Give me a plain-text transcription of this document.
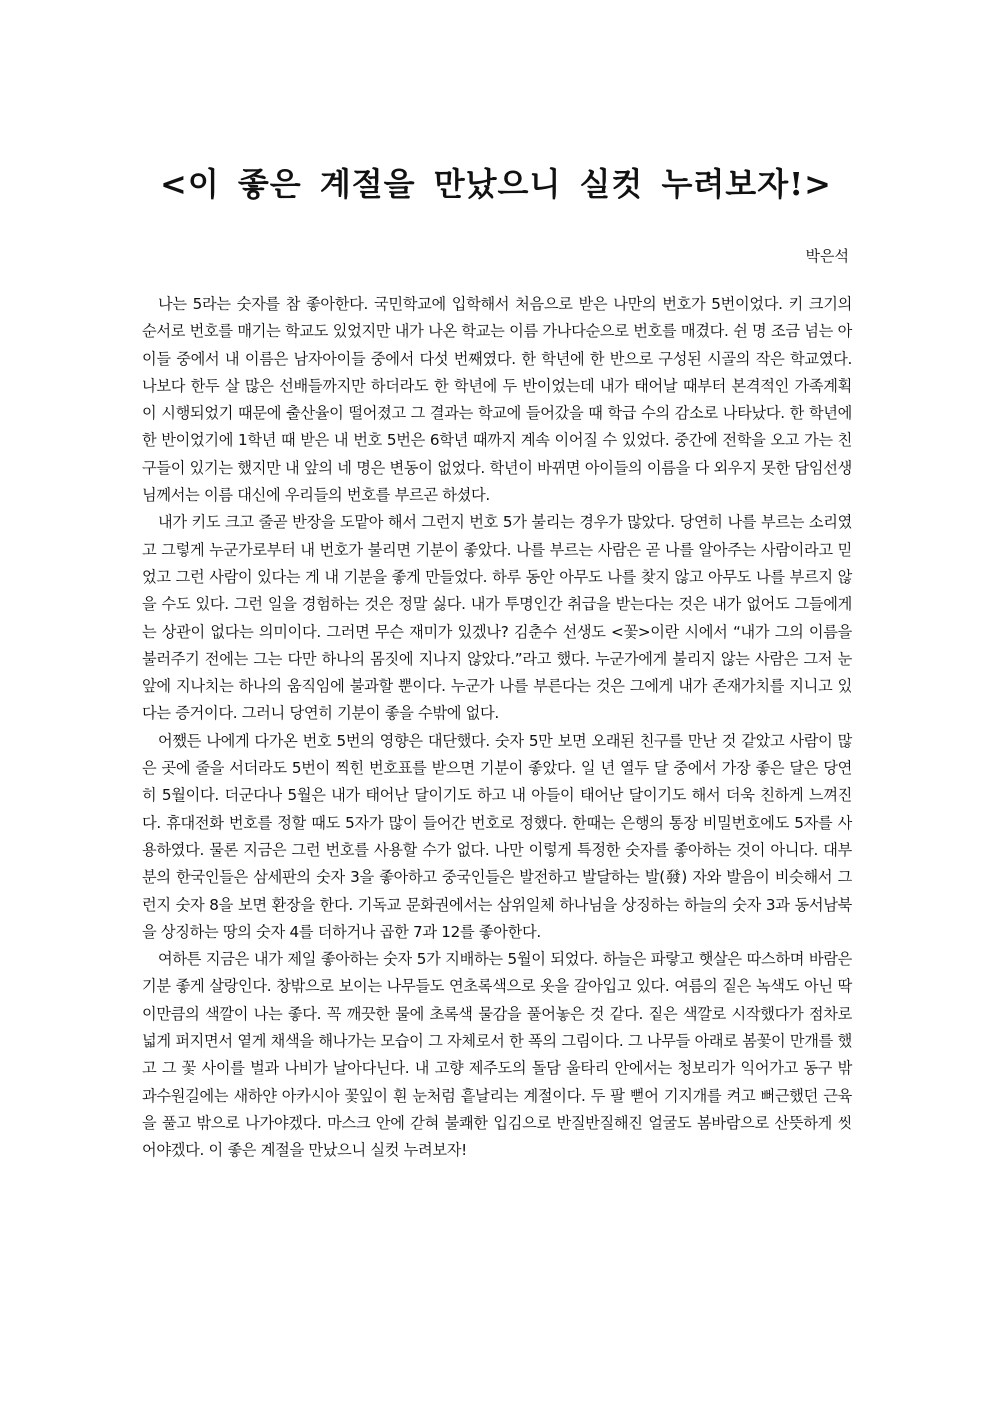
<이 좋은 계절을 만났으니 실컷 누려보자!>

박은석

나는 5라는 숫자를 참 좋아한다. 국민학교에 입학해서 처음으로 받은 나만의 번호가 5번이었다. 키 크기의 순서로 번호를 매기는 학교도 있었지만 내가 나온 학교는 이름 가나다순으로 번호를 매겼다. 쉰 명 조금 넘는 아이들 중에서 내 이름은 남자아이들 중에서 다섯 번째였다. 한 학년에 한 반으로 구성된 시골의 작은 학교였다. 나보다 한두 살 많은 선배들까지만 하더라도 한 학년에 두 반이었는데 내가 태어날 때부터 본격적인 가족계획이 시행되었기 때문에 출산율이 떨어졌고 그 결과는 학교에 들어갔을 때 학급 수의 감소로 나타났다. 한 학년에 한 반이었기에 1학년 때 받은 내 번호 5번은 6학년 때까지 계속 이어질 수 있었다. 중간에 전학을 오고 가는 친구들이 있기는 했지만 내 앞의 네 명은 변동이 없었다. 학년이 바뀌면 아이들의 이름을 다 외우지 못한 담임선생님께서는 이름 대신에 우리들의 번호를 부르곤 하셨다.

내가 키도 크고 줄곧 반장을 도맡아 해서 그런지 번호 5가 불리는 경우가 많았다. 당연히 나를 부르는 소리였고 그렇게 누군가로부터 내 번호가 불리면 기분이 좋았다. 나를 부르는 사람은 곧 나를 알아주는 사람이라고 믿었고 그런 사람이 있다는 게 내 기분을 좋게 만들었다. 하루 동안 아무도 나를 찾지 않고 아무도 나를 부르지 않을 수도 있다. 그런 일을 경험하는 것은 정말 싫다. 내가 투명인간 취급을 받는다는 것은 내가 없어도 그들에게는 상관이 없다는 의미이다. 그러면 무슨 재미가 있겠나? 김춘수 선생도 <꽃>이란 시에서 “내가 그의 이름을 불러주기 전에는 그는 다만 하나의 몸짓에 지나지 않았다.”라고 했다. 누군가에게 불리지 않는 사람은 그저 눈앞에 지나치는 하나의 움직임에 불과할 뿐이다. 누군가 나를 부른다는 것은 그에게 내가 존재가치를 지니고 있다는 증거이다. 그러니 당연히 기분이 좋을 수밖에 없다.

어쨌든 나에게 다가온 번호 5번의 영향은 대단했다. 숫자 5만 보면 오래된 친구를 만난 것 같았고 사람이 많은 곳에 줄을 서더라도 5번이 찍힌 번호표를 받으면 기분이 좋았다. 일 년 열두 달 중에서 가장 좋은 달은 당연히 5월이다. 더군다나 5월은 내가 태어난 달이기도 하고 내 아들이 태어난 달이기도 해서 더욱 친하게 느껴진다. 휴대전화 번호를 정할 때도 5자가 많이 들어간 번호로 정했다. 한때는 은행의 통장 비밀번호에도 5자를 사용하였다. 물론 지금은 그런 번호를 사용할 수가 없다. 나만 이렇게 특정한 숫자를 좋아하는 것이 아니다. 대부분의 한국인들은 삼세판의 숫자 3을 좋아하고 중국인들은 발전하고 발달하는 발(發) 자와 발음이 비슷해서 그런지 숫자 8을 보면 환장을 한다. 기독교 문화권에서는 삼위일체 하나님을 상징하는 하늘의 숫자 3과 동서남북을 상징하는 땅의 숫자 4를 더하거나 곱한 7과 12를 좋아한다.

여하튼 지금은 내가 제일 좋아하는 숫자 5가 지배하는 5월이 되었다. 하늘은 파랗고 햇살은 따스하며 바람은 기분 좋게 살랑인다. 창밖으로 보이는 나무들도 연초록색으로 옷을 갈아입고 있다. 여름의 짙은 녹색도 아닌 딱 이만큼의 색깔이 나는 좋다. 꼭 깨끗한 물에 초록색 물감을 풀어놓은 것 같다. 짙은 색깔로 시작했다가 점차로 넓게 퍼지면서 옅게 채색을 해나가는 모습이 그 자체로서 한 폭의 그림이다. 그 나무들 아래로 봄꽃이 만개를 했고 그 꽃 사이를 벌과 나비가 날아다닌다. 내 고향 제주도의 돌담 울타리 안에서는 청보리가 익어가고 동구 밖 과수원길에는 새하얀 아카시아 꽃잎이 흰 눈처럼 흩날리는 계절이다. 두 팔 뻗어 기지개를 켜고 뻐근했던 근육을 풀고 밖으로 나가야겠다. 마스크 안에 갇혀 불쾌한 입김으로 반질반질해진 얼굴도 봄바람으로 산뜻하게 씻어야겠다. 이 좋은 계절을 만났으니 실컷 누려보자!
